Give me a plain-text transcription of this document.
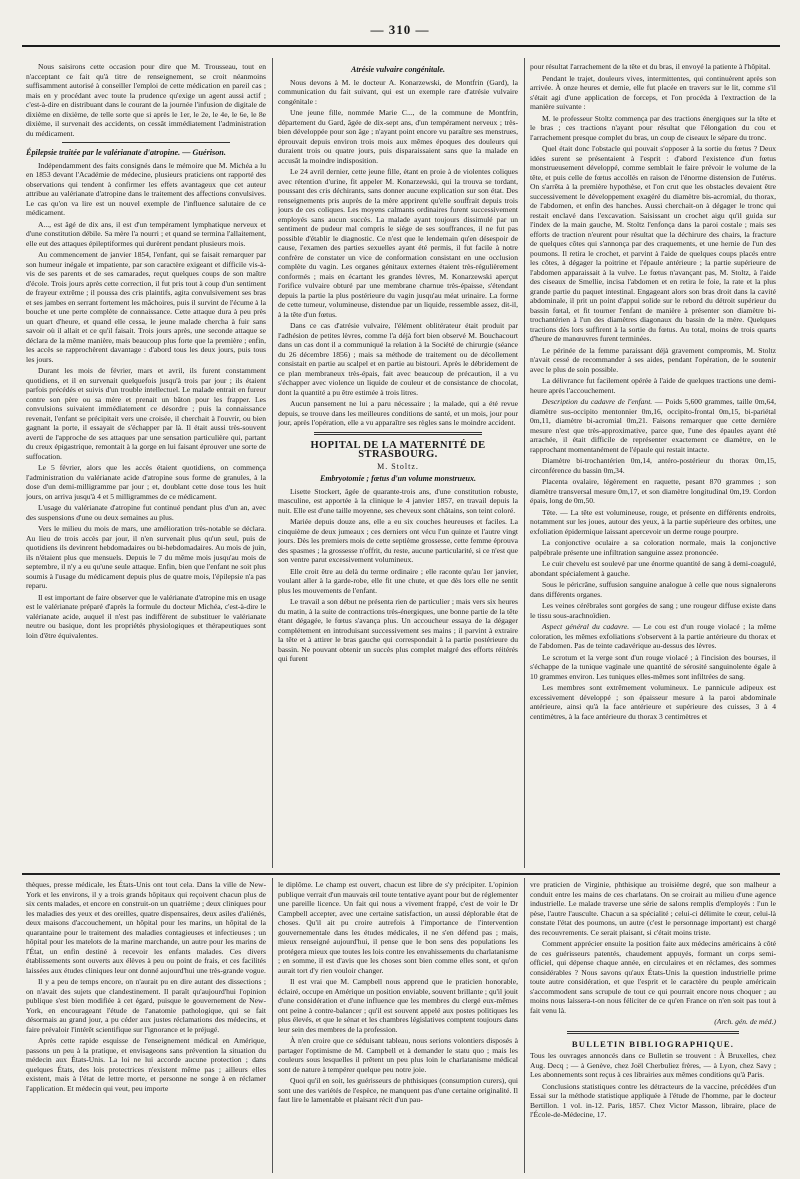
— 310 —

Nous saisirons cette occasion pour dire que M. Trousseau, tout en n'acceptant ce fait qu'à titre de renseignement, se croit néanmoins suffisamment autorisé à conseiller l'emploi de cette médication en pareil cas ; mais en y procédant avec toute la prudence qu'exige un agent aussi actif ; c'est-à-dire en distribuant dans le courant de la journée l'infusion de digitale de dixième en dixième, de telle sorte que si après le 1er, le 2e, le 4e, le 6e, le 8e dixième, il survenait des accidents, on cessât immédiatement l'administration du médicament.

Épilepsie traitée par le valérianate d'atropine. — Guérison.

Indépendamment des faits consignés dans le mémoire que M. Michéa a lu en 1853 devant l'Académie de médecine, plusieurs praticiens ont rapporté des observations qui tendent à confirmer les effets avantageux que cet auteur attribue au valérianate d'atropine dans le traitement des affections convulsives. Le cas qu'on va lire est un nouvel exemple de l'influence salutaire de ce médicament.

A..., est âgé de dix ans, il est d'un tempérament lymphatique nerveux et d'une constitution débile. Sa mère l'a nourri ; et quand se termina l'allaitement, elle eut des attaques épileptiformes qui durèrent pendant plusieurs mois.

Au commencement de janvier 1854, l'enfant, qui se faisait remarquer par son humeur inégale et impatiente, par son caractère exigeant et difficile vis-à-vis de ses parents et de ses camarades, reçut quelques coups de son maître d'école. Trois jours après cette correction, il fut pris tout à coup d'un sentiment de frayeur extrême ; il poussa des cris plaintifs, agita convulsivement ses bras et ses jambes en serrant fortement les mâchoires, puis il survint de l'écume à la bouche et une perte complète de connaissance. Cette attaque dura à peu près un quart d'heure, et quand elle cessa, le jeune malade chercha à fuir sans savoir où il allait et ce qu'il faisait. Trois jours après, une seconde attaque se déclara de la même manière, mais beaucoup plus forte que la première ; enfin, les accès se rapprochèrent davantage : d'abord tous les deux jours, puis tous les jours.

Durant les mois de février, mars et avril, ils furent constamment quotidiens, et il en survenait quelquefois jusqu'à trois par jour ; ils étaient parfois précédés et suivis d'un trouble intellectuel. Le malade entrait en fureur contre son père ou sa mère et prenait un bâton pour les frapper. Les convulsions suivaient immédiatement ce désordre ; puis la connaissance revenait, l'enfant se précipitait vers une croisée, il cherchait à l'ouvrir, ou bien gagnant la porte, il essayait de s'échapper par là. Il était aussi très-souvent averti de l'approche de ses attaques par une sensation particulière qui, partant du creux épigastrique, remontait à la gorge en lui faisant éprouver une sorte de suffocation.

Le 5 février, alors que les accès étaient quotidiens, on commença l'administration du valérianate acide d'atropine sous forme de granules, à la dose d'un demi-milligramme par jour ; et, doublant cette dose tous les huit jours, on arriva jusqu'à 4 et 5 milligrammes de ce médicament.

L'usage du valérianate d'atropine fut continué pendant plus d'un an, avec des suspensions d'une ou deux semaines au plus.

Vers le milieu du mois de mars, une amélioration très-notable se déclara. Au lieu de trois accès par jour, il n'en survenait plus qu'un seul, puis de quotidiens ils devinrent hebdomadaires ou bi-hebdomadaires. Au mois de juin, ils n'étaient plus que mensuels. Depuis le 7 du même mois jusqu'au mois de septembre, il n'y a eu qu'une seule attaque. Enfin, bien que l'enfant ne soit plus soumis à l'usage du médicament depuis plus de quatre mois, l'épilepsie n'a pas reparu.

Il est important de faire observer que le valérianate d'atropine mis en usage est le valérianate préparé d'après la formule du docteur Michéa, c'est-à-dire le valérianate acide, auquel il n'est pas indifférent de substituer le valérianate neutre ou basique, dont les propriétés physiologiques et thérapeutiques sont loin d'être équivalentes.

Atrésie vulvaire congénitale.

Nous devons à M. le docteur A. Konarzewski, de Montfrin (Gard), la communication du fait suivant, qui est un exemple rare d'atrésie vulvaire congénitale :

Une jeune fille, nommée Marie C..., de la commune de Montfrin, département du Gard, âgée de dix-sept ans, d'un tempérament nerveux ; très-bien développée pour son âge ; n'ayant point encore vu paraître ses menstrues, éprouvait depuis environ trois mois aux mêmes époques des douleurs qui duraient trois ou quatre jours, puis disparaissaient sans que la malade en accusât la moindre indisposition.

Le 24 avril dernier, cette jeune fille, étant en proie à de violentes coliques avec rétention d'urine, fit appeler M. Konarzewski, qui la trouva se tordant, poussant des cris déchirants, sans donner aucune explication sur son état. Des renseignements pris auprès de la mère apprirent qu'elle souffrait depuis trois jours de ces coliques. Les moyens calmants ordinaires furent successivement employés sans aucun succès. La malade ayant toujours dissimulé par un sentiment de pudeur mal compris le siége de ses souffrances, il ne fut pas possible d'établir le diagnostic. Ce n'est que le lendemain qu'en désespoir de cause, l'examen des parties sexuelles ayant été permis, il fut facile à notre confrère de constater un vice de conformation consistant en une occlusion complète du vagin. Les organes génitaux externes étaient très-régulièrement conformés ; mais en écartant les grandes lèvres, M. Konarzewski aperçut l'orifice vulvaire obturé par une membrane charnue très-épaisse, s'étendant depuis la partie la plus postérieure du vagin jusqu'au méat urinaire. La forme de cette tumeur, volumineuse, distendue par un liquide, ressemble assez, dit-il, à la tête d'un fœtus.

Dans ce cas d'atrésie vulvaire, l'élément oblitérateur était produit par l'adhésion de petites lèvres, comme l'a déjà fort bien observé M. Bouchacourt dans un cas dont il a communiqué la relation à la Société de chirurgie (séance du 26 décembre 1856) ; mais sa méthode de traitement ou de décollement consistait en partie au scalpel et en partie au bistouri. Après le débridement de ce plan membraneux très-épais, fait avec beaucoup de précaution, il a vu s'échapper avec violence un liquide de couleur et de consistance de chocolat, dont la quantité a pu être estimée à trois litres.

Aucun pansement ne lui a paru nécessaire ; la malade, qui a été revue depuis, se trouve dans les meilleures conditions de santé, et un mois, jour pour jour, après l'opération, elle a vu apparaître ses règles sans le moindre accident.

HOPITAL DE LA MATERNITÉ DE STRASBOURG.
M. Stoltz.
Embryotomie ; fœtus d'un volume monstrueux.

Lisette Stockert, âgée de quarante-trois ans, d'une constitution robuste, masculine, est apportée à la clinique le 4 janvier 1857, en travail depuis la nuit. Elle est d'une taille moyenne, ses cheveux sont châtains, son teint coloré.

Mariée depuis douze ans, elle a eu six couches heureuses et faciles. La cinquième de deux jumeaux ; ces derniers ont vécu l'un quinze et l'autre vingt jours. Dès les premiers mois de cette septième grossesse, cette femme éprouva des spasmes ; la grossesse n'offrit, du reste, aucune particularité, si ce n'est que son ventre parut excessivement volumineux.

Elle croit être au delà du terme ordinaire ; elle raconte qu'au 1er janvier, voulant aller à la garde-robe, elle fit une chute, et que dès lors elle ne sentit plus les mouvements de l'enfant.

Le travail a son début ne présenta rien de particulier ; mais vers six heures du matin, à la suite de contractions très-énergiques, une bonne partie de la tête étant dégagée, le fœtus s'avança plus. Un accoucheur essaya de la dégager complétement en introduisant successivement ses mains ; il parvint à extraire la tête et à attirer le bras gauche qui correspondait à la partie postérieure du bassin. Ne pouvant obtenir un succès plus complet malgré des efforts réitérés qui furent

pour résultat l'arrachement de la tête et du bras, il envoyé la patiente à l'hôpital.

Pendant le trajet, douleurs vives, intermittentes, qui continuèrent après son arrivée. À onze heures et demie, elle fut placée en travers sur le lit, comme s'il s'était agi d'une application de forceps, et l'on procéda à l'extraction de la manière suivante :

M. le professeur Stoltz commença par des tractions énergiques sur la tête et le bras ; ces tractions n'ayant pour résultat que l'élongation du cou et l'arrachement presque complet du bras, un coup de ciseaux le sépare du tronc.

Quel était donc l'obstacle qui pouvait s'opposer à la sortie du fœtus ? Deux idées surent se présentaient à l'esprit : d'abord l'existence d'un fœtus monstrueusement développé, comme semblait le faire prévoir le volume de la tête, et puis celle de fœtus accollés en raison de l'énorme distension de l'utérus. On s'arrêta à la première hypothèse, et l'on crut que les obstacles devaient être successivement le développement exagéré du diamètre bis-acromial, du thorax, de l'abdomen, et enfin des hanches. Aussi cherchait-on à dégager le tronc qui restait enclavé dans l'excavation. Saisissant un crochet aigu qu'il guida sur l'index de la main gauche, M. Stoltz l'enfonça dans la paroi costale ; mais ses efforts de traction n'eurent pour résultat que la déchirure des chairs, la fracture de quelques côtes qui s'annonça par des craquements, et une hernie de l'un des poumons. Il retira le crochet, et parvint à l'aide de quelques coups placés entre les côtes, à dégager la poitrine et l'épaule antérieure ; la partie supérieure de l'abdomen apparaissait à la vulve. Le fœtus n'avançant pas, M. Stoltz, à l'aide des ciseaux de Smellie, incisa l'abdomen et en retira le foie, la rate et la plus grande partie du paquet intestinal. Engageant alors son bras droit dans la cavité abdominale, il prit un point d'appui solide sur le rebord du détroit supérieur du bassin fœtal, et fit tourner l'enfant de manière à présenter son diamètre bi-trochantérien à l'un des diamètres diagonaux du bassin de la mère. Quelques tractions dès lors suffirent à la sortie du fœtus. Au total, moins de trois quarts d'heure de manœuvres furent terminées.

Le périnée de la femme paraissant déjà gravement compromis, M. Stoltz n'avait cessé de recommander à ses aides, pendant l'opération, de le soutenir avec le plus de soin possible.

La délivrance fut facilement opérée à l'aide de quelques tractions une demi-heure après l'accouchement.

Description du cadavre de l'enfant. — Poids 5,600 grammes, taille 0m,64, diamètre sus-occipito mentonnier 0m,16, occipito-frontal 0m,15, bi-pariétal 0m,11, diamètre bi-acromial 0m,21. Faisons remarquer que cette dernière mesure n'est que très-approximative, parce que, l'une des épaules ayant été arrachée, il était difficile de représenter exactement ce diamètre, en le rapprochant momentanément de l'épaule qui restait intacte.

Diamètre bi-trochantérien 0m,14, antéro-postérieur du thorax 0m,15, circonférence du bassin 0m,34.

Placenta ovalaire, légèrement en raquette, pesant 870 grammes ; son diamètre transversal mesure 0m,17, et son diamètre longitudinal 0m,19. Cordon épais, long de 0m,50.

Tête. — La tête est volumineuse, rouge, et présente en différents endroits, notamment sur les joues, autour des yeux, à la partie supérieure des orbites, une exfoliation épidermique laissant apercevoir un derme rouge pourpre.

La conjonctive oculaire a sa coloration normale, mais la conjonctive palpébrale présente une infiltration sanguine assez prononcée.

Le cuir chevelu est soulevé par une énorme quantité de sang à demi-coagulé, abondant spécialement à gauche.

Sous le péricrâne, suffusion sanguine analogue à celle que nous signalerons dans différents organes.

Les veines cérébrales sont gorgées de sang ; une rougeur diffuse existe dans le tissu sous-arachnoïdien.

Aspect général du cadavre. — Le cou est d'un rouge violacé ; la même coloration, les mêmes exfoliations s'observent à la partie antérieure du thorax et de l'abdomen. Pas de teinte cadavérique au-dessus des lèvres.

Le scrotum et la verge sont d'un rouge violacé ; à l'incision des bourses, il s'échappe de la tunique vaginale une quantité de sérosité sanguinolente égale à 10 grammes environ. Les tuniques elles-mêmes sont infiltrées de sang.

Les membres sont extrêmement volumineux. Le pannicule adipeux est excessivement développé ; son épaisseur mesure à la paroi abdominale antérieure, ainsi qu'à la face antérieure et supérieure des cuisses, 3 à 4 centimètres, à la face antérieure du thorax 3 centimètres et

thèques, presse médicale, les États-Unis ont tout cela. Dans la ville de New-York et les environs, il y a trois grands hôpitaux qui reçoivent chacun plus de six cents malades, et encore en construit-on un quatrième ; deux cliniques pour les maladies des yeux et des oreilles, quatre dispensaires, deux asiles d'aliénés, deux maisons d'accouchement, un hôpital pour les marins, un hôpital de la quarantaine pour le traitement des maladies contagieuses et infectieuses ; un hôpital pour les matelots de la marine marchande, un autre pour les marins de l'État, un enfin destiné à recevoir les enfants malades. Ces divers établissements sont ouverts aux élèves à peu ou point de frais, et ces facilités laissées aux études cliniques leur ont donné aujourd'hui une très-grande vogue.

Il y a peu de temps encore, on n'aurait pu en dire autant des dissections ; on n'avait des sujets que clandestinement. Il paraît qu'aujourd'hui l'opinion publique s'est bien modifiée à cet égard, puisque le gouvernement de New-York, en encourageant l'étude de l'anatomie pathologique, qui se fait désormais au grand jour, a pu céder aux justes réclamations des médecins, et faire prévaloir l'intérêt scientifique sur l'ignorance et le préjugé.

Après cette rapide esquisse de l'enseignement médical en Amérique, passons un peu à la pratique, et envisageons sans prévention la situation du médecin aux États-Unis. La loi ne lui accorde aucune protection ; dans quelques États, des lois protectrices n'existent même pas ; ailleurs elles existent, mais à l'état de lettre morte, et personne ne songe à en réclamer l'application. Et médecin qui veut, peu importe

le diplôme. Le champ est ouvert, chacun est libre de s'y précipiter. L'opinion publique verrait d'un mauvais œil toute tentative ayant pour but de réglementer une pareille licence. Un fait qui nous a vivement frappé, c'est de voir le Dr Campbell accepter, avec une certaine satisfaction, un aussi déplorable état de choses. Qu'il ait pu croire autrefois à l'importance de l'intervention gouvernementale dans les études médicales, il ne s'en défend pas ; mais, mieux renseigné aujourd'hui, il pense que le bon sens des populations les protégera mieux que toutes les lois contre les envahissements du charlatanisme ; en somme, il est d'avis que les choses sont bien comme elles sont, et qu'on aurait tort d'y rien vouloir changer.

Il est vrai que M. Campbell nous apprend que le praticien honorable, éclairé, occupe en Amérique un position enviable, souvent brillante ; qu'il jouit d'une considération et d'une influence que les membres du clergé eux-mêmes ont peine à contre-balancer ; qu'il est souvent appelé aux postes politiques les plus élevés, et que le sénat et les chambres législatives comptent toujours dans leur sein des membres de la profession.

À n'en croire que ce séduisant tableau, nous serions volontiers disposés à partager l'optimisme de M. Campbell et à demander le statu quo ; mais les couleurs sous lesquelles il prêtent un peu plus loin le charlatanisme médical sont de nature à tempérer quelque peu notre joie.

Quoi qu'il en soit, les guérisseurs de phthisiques (consumption curers), qui sont une des variétés de l'espèce, ne manquent pas d'une certaine originalité. Il faut lire le lamentable et plaisant récit d'un pau-

vre praticien de Virginie, phthisique au troisième degré, que son malheur a conduit entre les mains de ces charlatans. On se croirait au milieu d'une agence industrielle. Le malade traverse une série de salons remplis d'employés : l'un le pèse, l'autre l'ausculte. Chacun a sa spécialité ; celui-ci délimite le cœur, celui-là constate l'état des poumons, un autre (c'est le personnage important) est chargé des recouvrements. Ce serait plaisant, si c'était moins triste.

Comment apprécier ensuite la position faite aux médecins américains à côté de ces guérisseurs patentés, chaudement appuyés, formant un corps semi-officiel, qui dépense chaque année, en circulaires et en réclames, des sommes considérables ? Nous savons qu'aux États-Unis la question industrielle prime toute autre considération, et que l'esprit et le caractère du peuple américain s'accommodent sans scrupule de tout ce qui pourrait encore nous choquer ; au moins nous laissera-t-on nous féliciter de ce qu'en France on n'en soit pas tout à fait venu là.

(Arch. gén. de méd.)
BULLETIN BIBLIOGRAPHIQUE.

Tous les ouvrages annoncés dans ce Bulletin se trouvent : À Bruxelles, chez Aug. Decq ; — à Genève, chez Joël Cherbuliez frères, — à Lyon, chez Savy ; Les abonnements sont reçus à ces librairies aux mêmes conditions qu'à Paris.

Conclusions statistiques contre les détracteurs de la vaccine, précédées d'un Essai sur la méthode statistique appliquée à l'étude de l'homme, par le docteur Bertillon. 1 vol. in-12. Paris, 1857. Chez Victor Masson, libraire, place de l'École-de-Médecine, 17.
